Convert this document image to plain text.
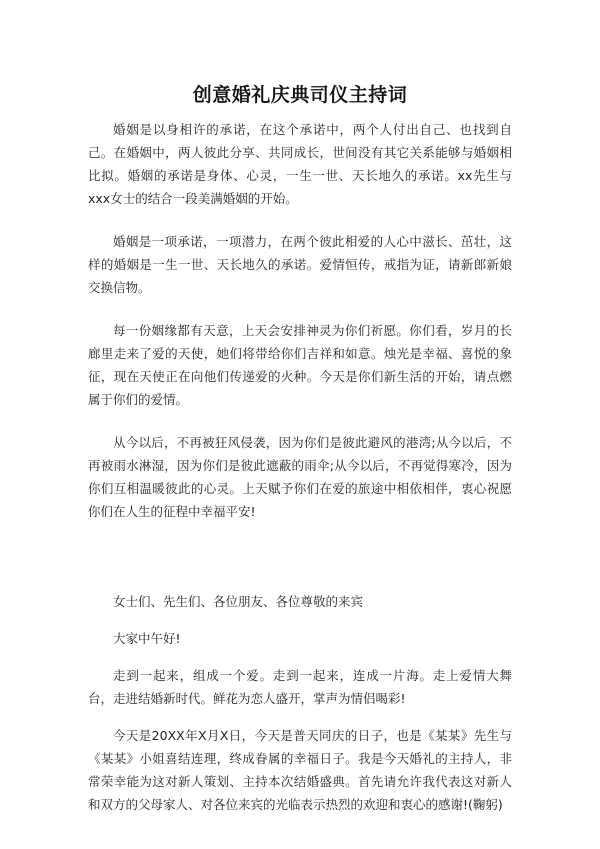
创意婚礼庆典司仪主持词

婚姻是以身相许的承诺，在这个承诺中，两个人付出自己、也找到自己。在婚姻中，两人彼此分享、共同成长，世间没有其它关系能够与婚姻相比拟。婚姻的承诺是身体、心灵，一生一世、天长地久的承诺。xx先生与xxx女士的结合一段美满婚姻的开始。

婚姻是一项承诺，一项潜力，在两个彼此相爱的人心中滋长、茁壮，这样的婚姻是一生一世、天长地久的承诺。爱情恒传，戒指为证，请新郎新娘交换信物。

每一份姻缘都有天意，上天会安排神灵为你们祈愿。你们看，岁月的长廊里走来了爱的天使，她们将带给你们吉祥和如意。烛光是幸福、喜悦的象征，现在天使正在向他们传递爱的火种。今天是你们新生活的开始，请点燃属于你们的爱情。

从今以后，不再被狂风侵袭，因为你们是彼此避风的港湾;从今以后，不再被雨水淋湿，因为你们是彼此遮蔽的雨伞;从今以后，不再觉得寒冷，因为你们互相温暖彼此的心灵。上天赋予你们在爱的旅途中相依相伴，衷心祝愿你们在人生的征程中幸福平安!

女士们、先生们、各位朋友、各位尊敬的来宾

大家中午好!

走到一起来，组成一个爱。走到一起来，连成一片海。走上爱情大舞台，走进结婚新时代。鲜花为恋人盛开，掌声为情侣喝彩!

今天是20XX年X月X日，今天是普天同庆的日子，也是《某某》先生与《某某》小姐喜结连理，终成眷属的幸福日子。我是今天婚礼的主持人，非常荣幸能为这对新人策划、主持本次结婚盛典。首先请允许我代表这对新人和双方的父母家人、对各位来宾的光临表示热烈的欢迎和衷心的感谢!(鞠躬)
